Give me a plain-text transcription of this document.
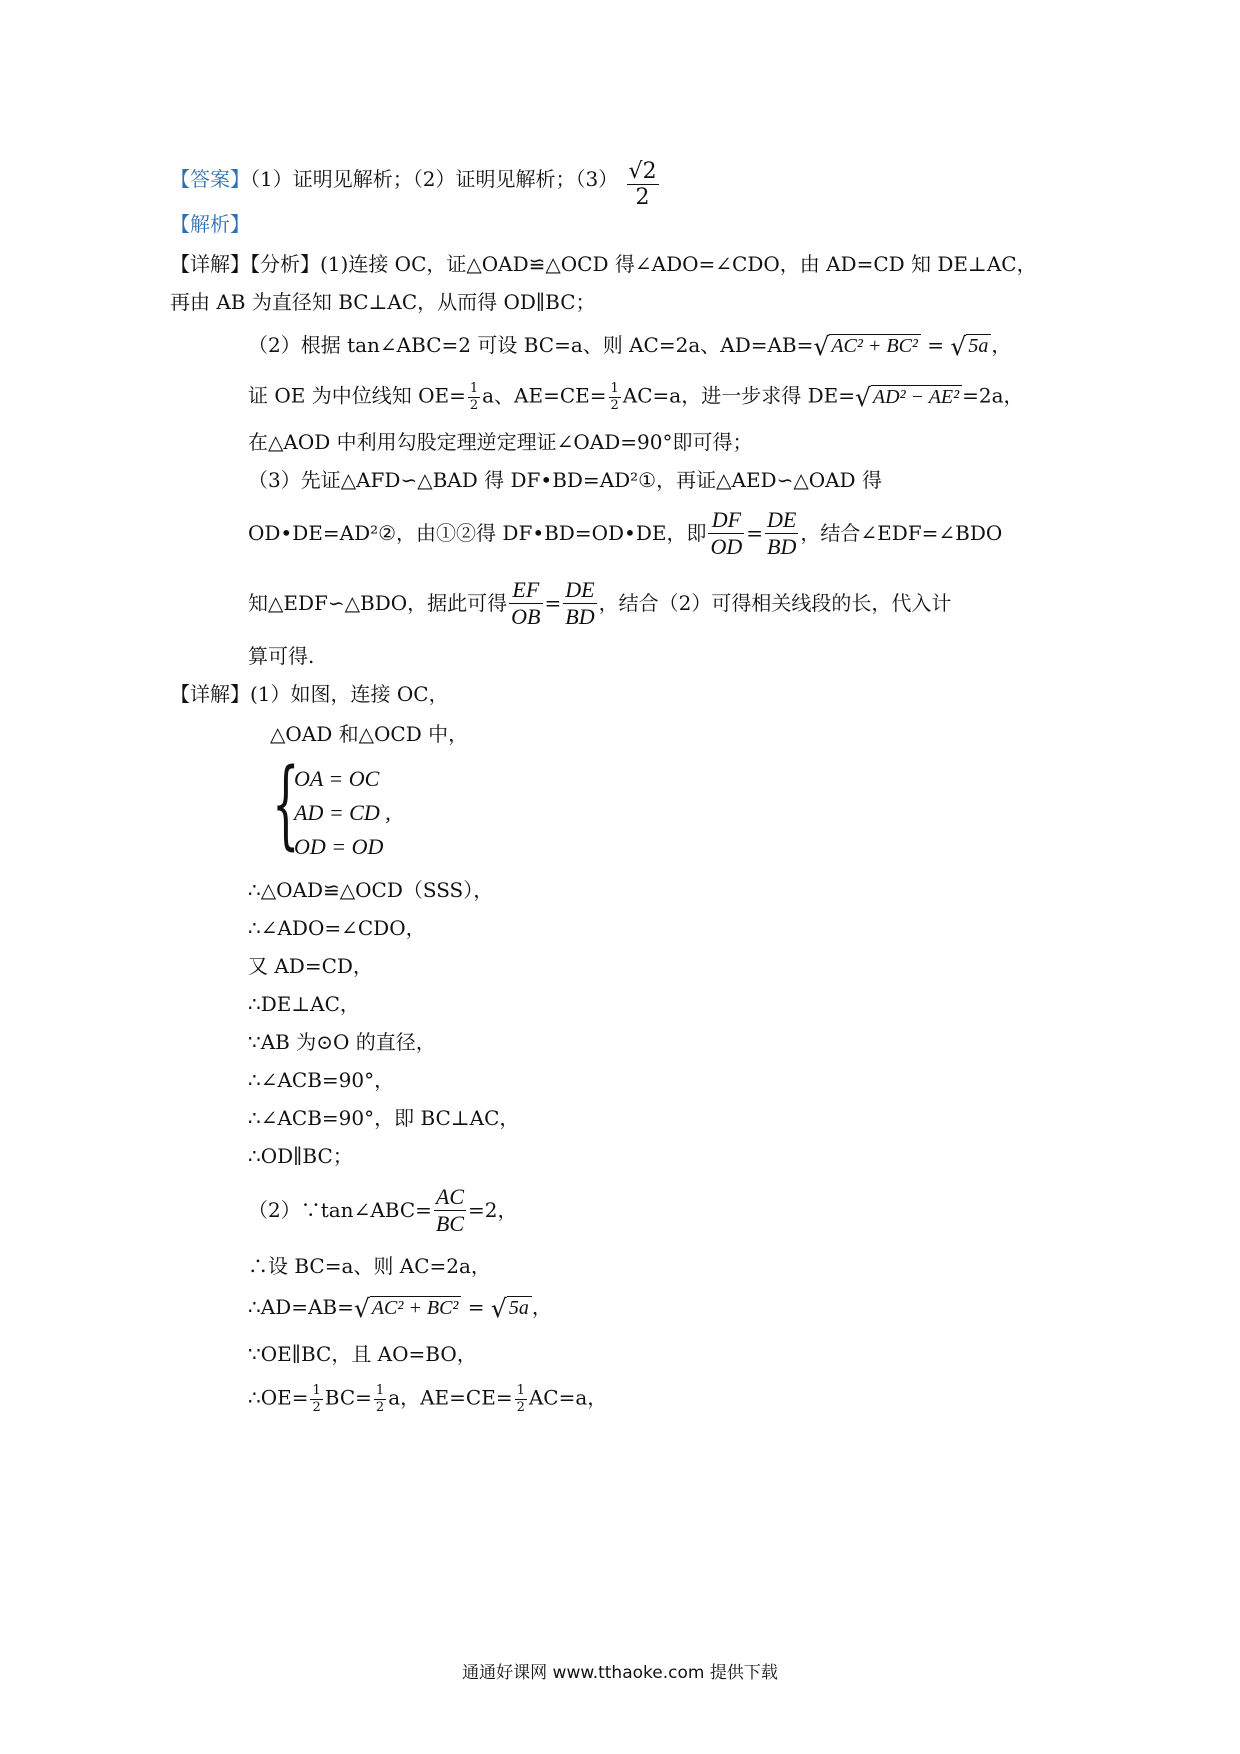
【答案】（1）证明见解析；（2）证明见解析；$(3) \frac{√2}{2}$
【解析】
【详解】【分析】(1)连接 OC，证△OAD≌△OCD 得∠ADO=∠CDO，由 AD=CD 知 DE⊥AC，
再由 AB 为直径知 BC⊥AC，从而得 OD∥BC；
（2）根据 tan∠ABC=2 可设 BC=a、则 AC=2a、AD=AB= √ AC² + BC² = √ 5a ，
证 OE 为中位线知 $OE= \frac{1}{2}$ a、$AE=CE= \frac{1}{2} AC=a$，进一步求得 DE= √ AD² − AE² =2a，
在△AOD 中利用勾股定理逆定理证∠OAD=90°即可得；
（3）先证△AFD∽△BAD 得 DF•BD=AD²①，再证△AED∽△OAD 得
OD•DE=AD²②，由①②得 DF•BD=OD•DE，即 $\frac{DF}{OD} = \frac{DE}{BD}$ ，结合∠EDF=∠BDO
知△EDF∽△BDO，据此可得 $\frac{EF}{OB} = \frac{DE}{BD}$ ，结合（2）可得相关线段的长，代入计
算可得.
【详解】(1）如图，连接 OC，
△OAD 和△OCD 中，
{
OA = OC
AD = CD ,
OD = OD
∴△OAD≌△OCD（SSS），
∴∠ADO=∠CDO，
又 AD=CD，
∴DE⊥AC，
∵AB 为⊙O 的直径，
∴∠ACB=90°，
∴∠ACB=90°，即 BC⊥AC，
∴OD∥BC；
（2）∵tan∠ABC= $\frac{AC}{BC} =2$，
∴设 BC=a、则 AC=2a，
∴AD=AB= √ AC² + BC² = √ 5a ，
∵OE∥BC，且 AO=BO，
∴OE= $\frac{1}{2} BC= \frac{1}{2}$ a，$AE=CE= \frac{1}{2} AC=a$，
通通好课网 www.tthaoke.com 提供下载
